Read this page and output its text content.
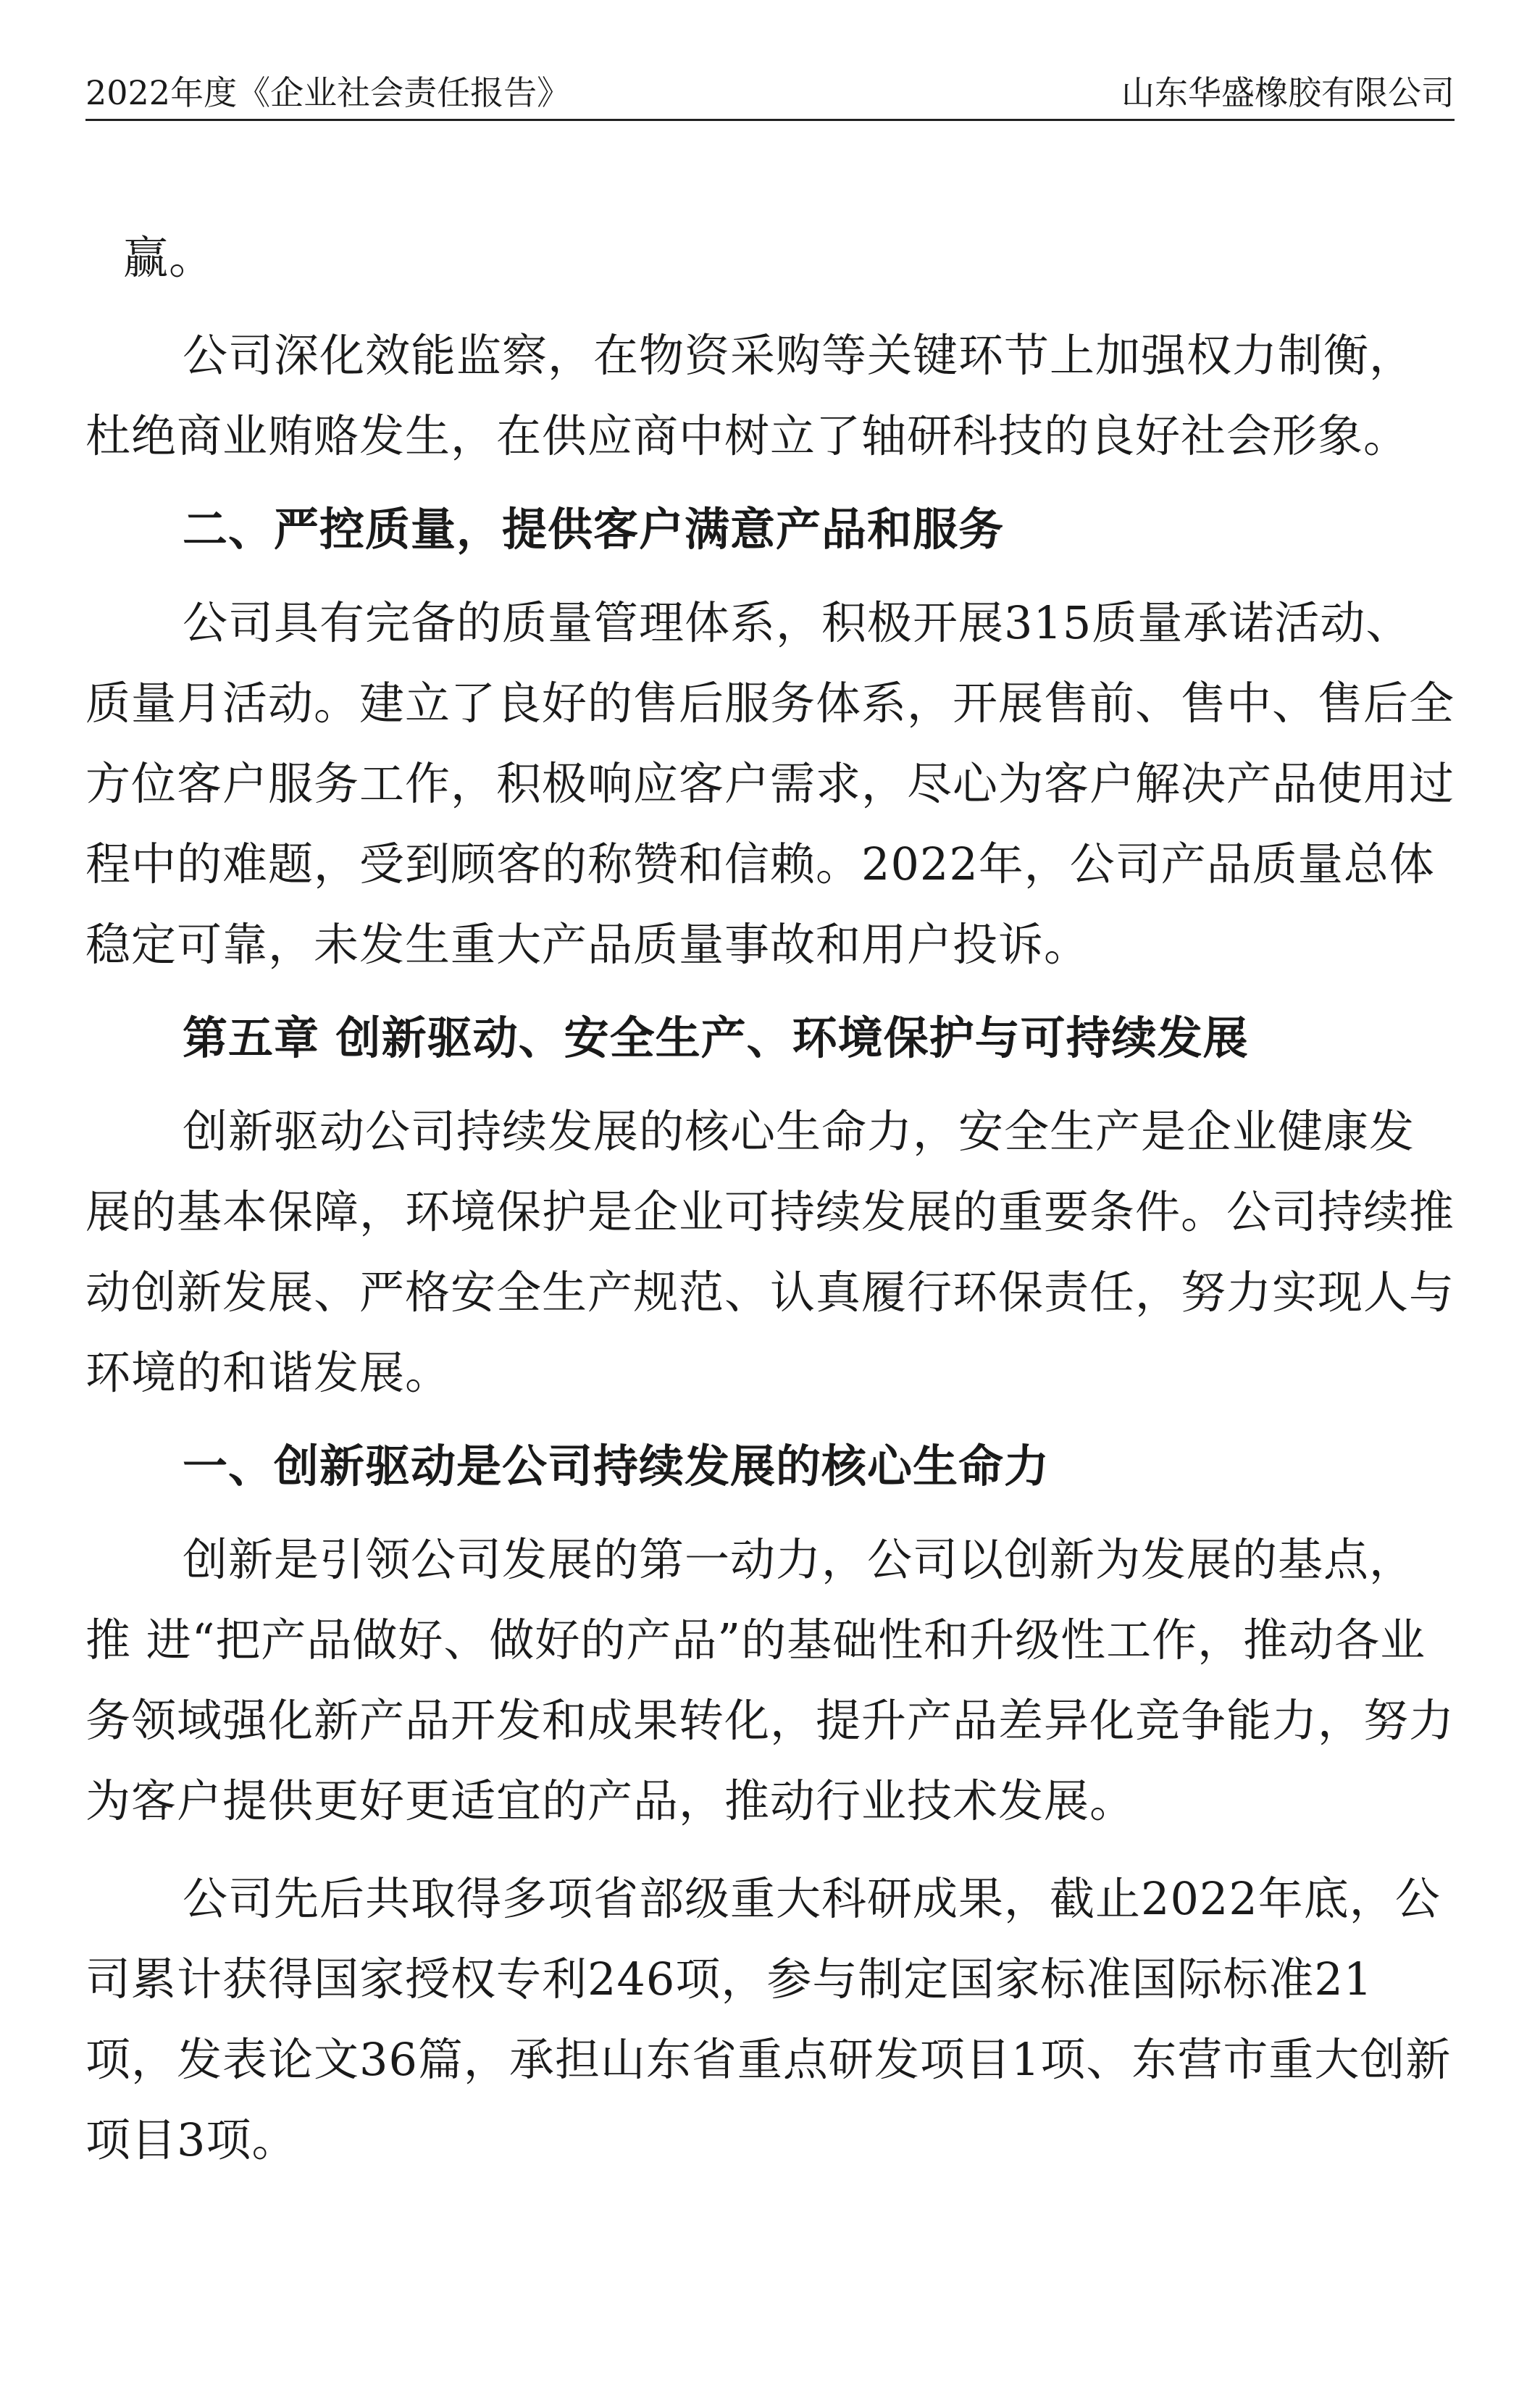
2022年度《企业社会责任报告》	山东华盛橡胶有限公司

赢。

公司深化效能监察，在物资采购等关键环节上加强权力制衡，杜绝商业贿赂发生，在供应商中树立了轴研科技的良好社会形象。

二、严控质量，提供客户满意产品和服务

公司具有完备的质量管理体系，积极开展315质量承诺活动、质量月活动。建立了良好的售后服务体系，开展售前、售中、售后全方位客户服务工作，积极响应客户需求，尽心为客户解决产品使用过程中的难题，受到顾客的称赞和信赖。2022年，公司产品质量总体稳定可靠，未发生重大产品质量事故和用户投诉。

第五章 创新驱动、安全生产、环境保护与可持续发展

创新驱动公司持续发展的核心生命力，安全生产是企业健康发展的基本保障，环境保护是企业可持续发展的重要条件。公司持续推动创新发展、严格安全生产规范、认真履行环保责任，努力实现人与环境的和谐发展。

一、创新驱动是公司持续发展的核心生命力

创新是引领公司发展的第一动力，公司以创新为发展的基点，推 进“把产品做好、做好的产品”的基础性和升级性工作，推动各业务领域强化新产品开发和成果转化，提升产品差异化竞争能力，努力为客户提供更好更适宜的产品，推动行业技术发展。

公司先后共取得多项省部级重大科研成果，截止2022年底，公司累计获得国家授权专利246项，参与制定国家标准国际标准21项，发表论文36篇，承担山东省重点研发项目1项、东营市重大创新项目3项。
